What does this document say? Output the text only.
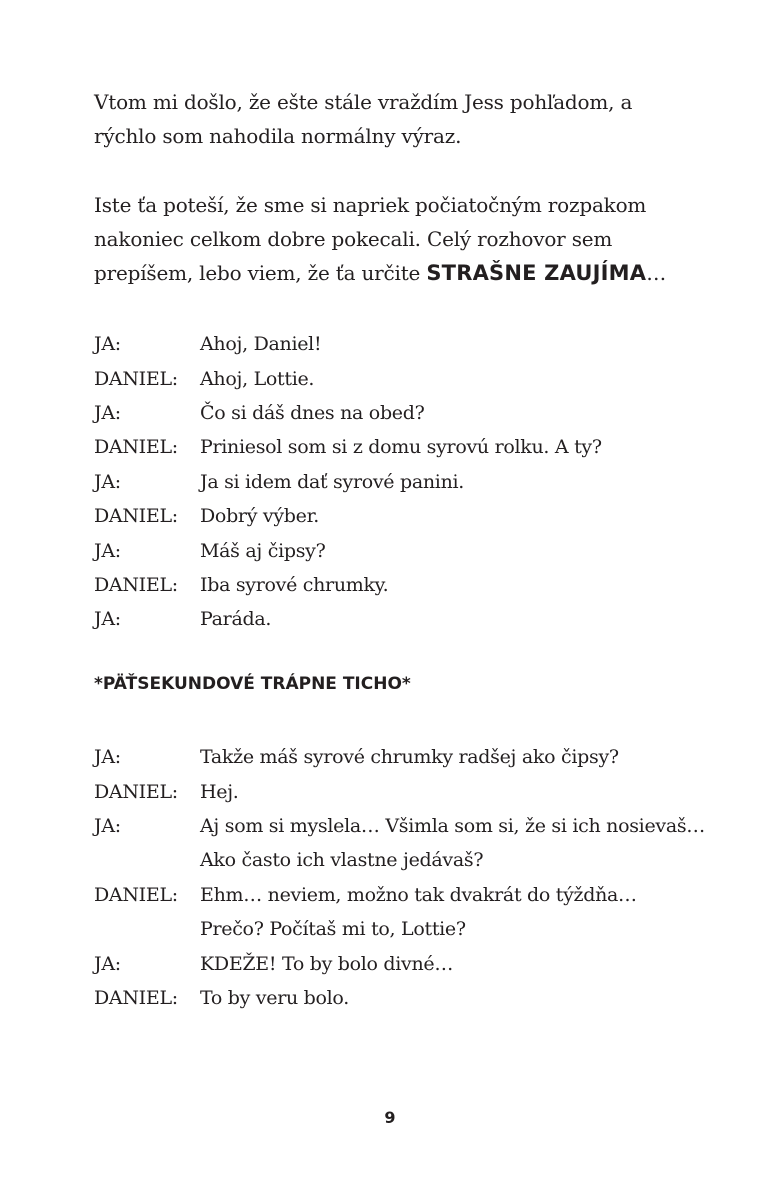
Vtom mi došlo, že ešte stále vraždím Jess pohľadom, a rýchlo som nahodila normálny výraz.

Iste ťa poteší, že sme si napriek počiatočným rozpakom nakoniec celkom dobre pokecali. Celý rozhovor sem prepíšem, lebo viem, že ťa určite STRAŠNE ZAUJÍMA…

JA:	Ahoj, Daniel!
DANIEL:	Ahoj, Lottie.
JA:	Čo si dáš dnes na obed?
DANIEL:	Priniesol som si z domu syrovú rolku. A ty?
JA:	Ja si idem dať syrové panini.
DANIEL:	Dobrý výber.
JA:	Máš aj čipsy?
DANIEL:	Iba syrové chrumky.
JA:	Paráda.
*PÄŤSEKUNDOVÉ TRÁPNE TICHO*
JA:	Takže máš syrové chrumky radšej ako čipsy?
DANIEL:	Hej.
JA:	Aj som si myslela… Všimla som si, že si ich nosievaš…
Ako často ich vlastne jedávaš?
DANIEL:	Ehm… neviem, možno tak dvakrát do týždňa…
Prečo? Počítaš mi to, Lottie?
JA:	KDEŽE! To by bolo divné…
DANIEL:	To by veru bolo.
9
